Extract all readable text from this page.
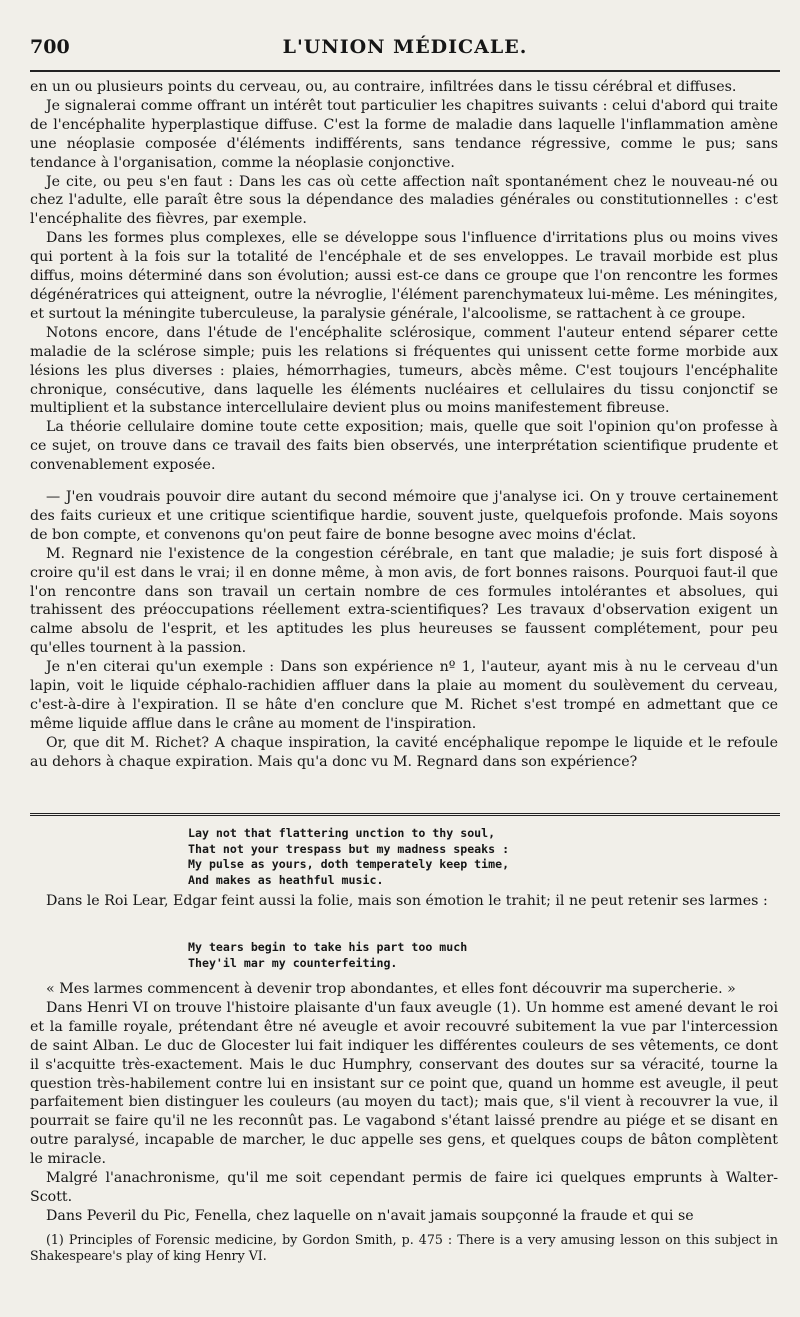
700	L'UNION MÉDICALE.

en un ou plusieurs points du cerveau, ou, au contraire, infiltrées dans le tissu cérébral et diffuses.

Je signalerai comme offrant un intérêt tout particulier les chapitres suivants : celui d'abord qui traite de l'encéphalite hyperplastique diffuse. C'est la forme de maladie dans laquelle l'inflammation amène une néoplasie composée d'éléments indifférents, sans tendance régressive, comme le pus; sans tendance à l'organisation, comme la néoplasie conjonctive.

Je cite, ou peu s'en faut : Dans les cas où cette affection naît spontanément chez le nouveau-né ou chez l'adulte, elle paraît être sous la dépendance des maladies générales ou constitutionnelles : c'est l'encéphalite des fièvres, par exemple.

Dans les formes plus complexes, elle se développe sous l'influence d'irritations plus ou moins vives qui portent à la fois sur la totalité de l'encéphale et de ses enveloppes. Le travail morbide est plus diffus, moins déterminé dans son évolution; aussi est-ce dans ce groupe que l'on rencontre les formes dégénératrices qui atteignent, outre la névroglie, l'élément parenchymateux lui-même. Les méningites, et surtout la méningite tuberculeuse, la paralysie générale, l'alcoolisme, se rattachent à ce groupe.

Notons encore, dans l'étude de l'encéphalite sclérosique, comment l'auteur entend séparer cette maladie de la sclérose simple; puis les relations si fréquentes qui unissent cette forme morbide aux lésions les plus diverses : plaies, hémorrhagies, tumeurs, abcès même. C'est toujours l'encéphalite chronique, consécutive, dans laquelle les éléments nucléaires et cellulaires du tissu conjonctif se multiplient et la substance intercellulaire devient plus ou moins manifestement fibreuse.

La théorie cellulaire domine toute cette exposition; mais, quelle que soit l'opinion qu'on professe à ce sujet, on trouve dans ce travail des faits bien observés, une interprétation scientifique prudente et convenablement exposée.

— J'en voudrais pouvoir dire autant du second mémoire que j'analyse ici. On y trouve certainement des faits curieux et une critique scientifique hardie, souvent juste, quelquefois profonde. Mais soyons de bon compte, et convenons qu'on peut faire de bonne besogne avec moins d'éclat.

M. Regnard nie l'existence de la congestion cérébrale, en tant que maladie; je suis fort disposé à croire qu'il est dans le vrai; il en donne même, à mon avis, de fort bonnes raisons. Pourquoi faut-il que l'on rencontre dans son travail un certain nombre de ces formules intolérantes et absolues, qui trahissent des préoccupations réellement extra-scientifiques? Les travaux d'observation exigent un calme absolu de l'esprit, et les aptitudes les plus heureuses se faussent complétement, pour peu qu'elles tournent à la passion.

Je n'en citerai qu'un exemple : Dans son expérience nº 1, l'auteur, ayant mis à nu le cerveau d'un lapin, voit le liquide céphalo-rachidien affluer dans la plaie au moment du soulèvement du cerveau, c'est-à-dire à l'expiration. Il se hâte d'en conclure que M. Richet s'est trompé en admettant que ce même liquide afflue dans le crâne au moment de l'inspiration.

Or, que dit M. Richet? A chaque inspiration, la cavité encéphalique repompe le liquide et le refoule au dehors à chaque expiration. Mais qu'a donc vu M. Regnard dans son expérience?

Lay not that flattering unction to thy soul,
That not your trespass but my madness speaks :
My pulse as yours, doth temperately keep time,
And makes as heathful music.

Dans le Roi Lear, Edgar feint aussi la folie, mais son émotion le trahit; il ne peut retenir ses larmes :

My tears begin to take his part too much
They'il mar my counterfeiting.

« Mes larmes commencent à devenir trop abondantes, et elles font découvrir ma supercherie. »

Dans Henri VI on trouve l'histoire plaisante d'un faux aveugle (1). Un homme est amené devant le roi et la famille royale, prétendant être né aveugle et avoir recouvré subitement la vue par l'intercession de saint Alban. Le duc de Glocester lui fait indiquer les différentes couleurs de ses vêtements, ce dont il s'acquitte très-exactement. Mais le duc Humphry, conservant des doutes sur sa véracité, tourne la question très-habilement contre lui en insistant sur ce point que, quand un homme est aveugle, il peut parfaitement bien distinguer les couleurs (au moyen du tact); mais que, s'il vient à recouvrer la vue, il pourrait se faire qu'il ne les reconnût pas. Le vagabond s'étant laissé prendre au piége et se disant en outre paralysé, incapable de marcher, le duc appelle ses gens, et quelques coups de bâton complètent le miracle.

Malgré l'anachronisme, qu'il me soit cependant permis de faire ici quelques emprunts à Walter-Scott.

Dans Peveril du Pic, Fenella, chez laquelle on n'avait jamais soupçonné la fraude et qui se

(1) Principles of Forensic medicine, by Gordon Smith, p. 475 : There is a very amusing lesson on this subject in Shakespeare's play of king Henry VI.
